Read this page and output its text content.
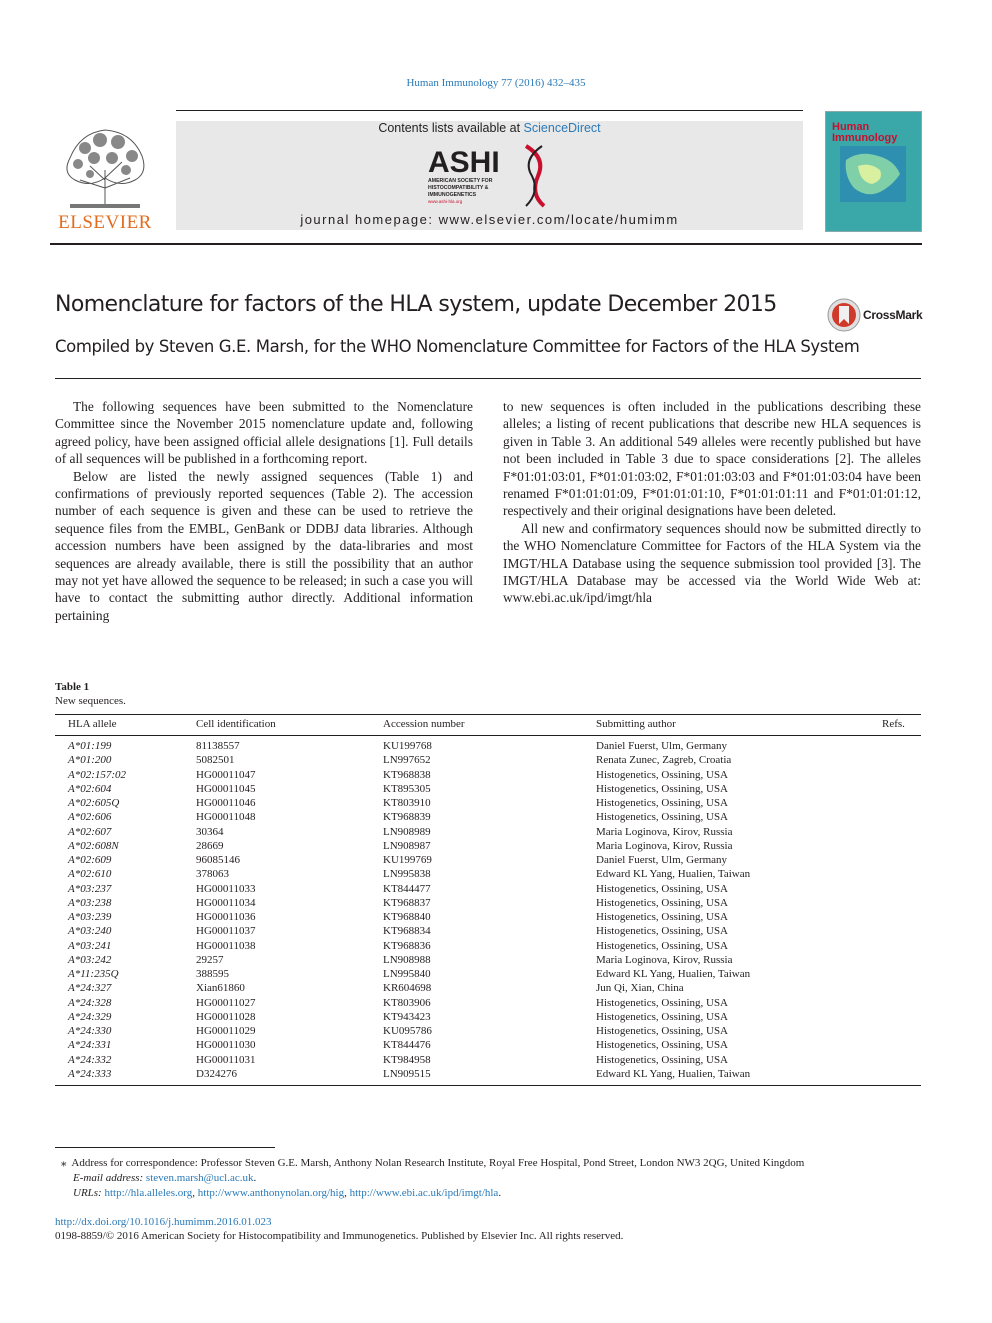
Human Immunology 77 (2016) 432–435
ELSEVIER
Contents lists available at ScienceDirect
ASHI
AMERICAN SOCIETY FOR
HISTOCOMPATIBILITY &
IMMUNOGENETICS
www.ashi-hla.org
journal homepage: www.elsevier.com/locate/humimm
Human
Immunology
Nomenclature for factors of the HLA system, update December 2015	CrossMark
Compiled by Steven G.E. Marsh, for the WHO Nomenclature Committee for Factors of the HLA System

The following sequences have been submitted to the Nomenclature Committee since the November 2015 nomenclature update and, following agreed policy, have been assigned official allele designations [1]. Full details of all sequences will be published in a forthcoming report.

Below are listed the newly assigned sequences (Table 1) and confirmations of previously reported sequences (Table 2). The accession number of each sequence is given and these can be used to retrieve the sequence files from the EMBL, GenBank or DDBJ data libraries. Although accession numbers have been assigned by the data-libraries and most sequences are already available, there is still the possibility that an author may not yet have allowed the sequence to be released; in such a case you will have to contact the submitting author directly. Additional information pertaining

to new sequences is often included in the publications describing these alleles; a listing of recent publications that describe new HLA sequences is given in Table 3. An additional 549 alleles were recently published but have not been included in Table 3 due to space considerations [2]. The alleles F*01:01:03:01, F*01:01:03:02, F*01:01:03:03 and F*01:01:03:04 have been renamed F*01:01:01:09, F*01:01:01:10, F*01:01:01:11 and F*01:01:01:12, respectively and their original designations have been deleted.

All new and confirmatory sequences should now be submitted directly to the WHO Nomenclature Committee for Factors of the HLA System via the IMGT/HLA Database using the sequence submission tool provided [3]. The IMGT/HLA Database may be accessed via the World Wide Web at: www.ebi.ac.uk/ipd/imgt/hla

Table 1
New sequences.
HLA allele	Cell identification	Accession number	Submitting author	Refs.
A*01:199	81138557	KU199768	Daniel Fuerst, Ulm, Germany
A*01:200	5082501	LN997652	Renata Zunec, Zagreb, Croatia
A*02:157:02	HG00011047	KT968838	Histogenetics, Ossining, USA
A*02:604	HG00011045	KT895305	Histogenetics, Ossining, USA
A*02:605Q	HG00011046	KT803910	Histogenetics, Ossining, USA
A*02:606	HG00011048	KT968839	Histogenetics, Ossining, USA
A*02:607	30364	LN908989	Maria Loginova, Kirov, Russia
A*02:608N	28669	LN908987	Maria Loginova, Kirov, Russia
A*02:609	96085146	KU199769	Daniel Fuerst, Ulm, Germany
A*02:610	378063	LN995838	Edward KL Yang, Hualien, Taiwan
A*03:237	HG00011033	KT844477	Histogenetics, Ossining, USA
A*03:238	HG00011034	KT968837	Histogenetics, Ossining, USA
A*03:239	HG00011036	KT968840	Histogenetics, Ossining, USA
A*03:240	HG00011037	KT968834	Histogenetics, Ossining, USA
A*03:241	HG00011038	KT968836	Histogenetics, Ossining, USA
A*03:242	29257	LN908988	Maria Loginova, Kirov, Russia
A*11:235Q	388595	LN995840	Edward KL Yang, Hualien, Taiwan
A*24:327	Xian61860	KR604698	Jun Qi, Xian, China
A*24:328	HG00011027	KT803906	Histogenetics, Ossining, USA
A*24:329	HG00011028	KT943423	Histogenetics, Ossining, USA
A*24:330	HG00011029	KU095786	Histogenetics, Ossining, USA
A*24:331	HG00011030	KT844476	Histogenetics, Ossining, USA
A*24:332	HG00011031	KT984958	Histogenetics, Ossining, USA
A*24:333	D324276	LN909515	Edward KL Yang, Hualien, Taiwan
⁎ Address for correspondence: Professor Steven G.E. Marsh, Anthony Nolan Research Institute, Royal Free Hospital, Pond Street, London NW3 2QG, United Kingdom
E-mail address: steven.marsh@ucl.ac.uk.
URLs: http://hla.alleles.org, http://www.anthonynolan.org/hig, http://www.ebi.ac.uk/ipd/imgt/hla.
http://dx.doi.org/10.1016/j.humimm.2016.01.023
0198-8859/© 2016 American Society for Histocompatibility and Immunogenetics. Published by Elsevier Inc. All rights reserved.
